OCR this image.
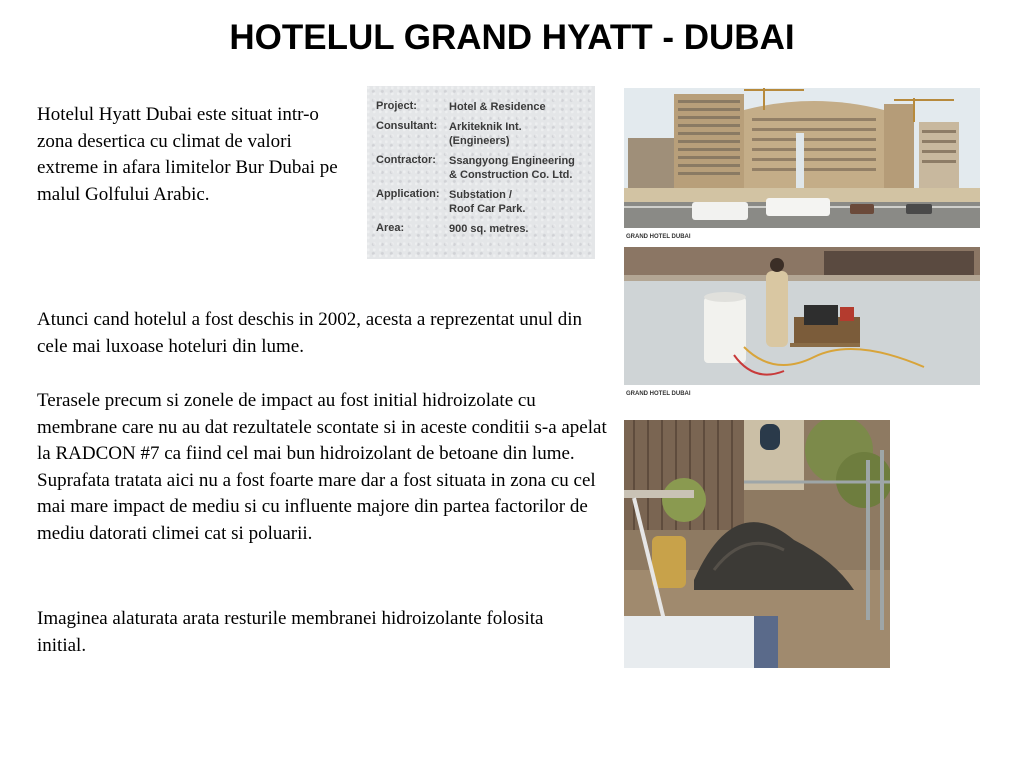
HOTELUL GRAND HYATT - DUBAI

Hotelul Hyatt Dubai este situat intr-o zona desertica cu climat de valori extreme in afara limitelor Bur Dubai pe malul Golfului Arabic.

Project:	Hotel & Residence
Consultant:	Arkiteknik Int.
(Engineers)
Contractor:	Ssangyong Engineering
& Construction Co. Ltd.
Application: Substation /
Roof Car Park.
Area:	900 sq. metres.
GRAND HOTEL DUBAI
GRAND HOTEL DUBAI

Atunci cand hotelul a fost deschis in 2002, acesta a reprezentat unul din cele mai luxoase hoteluri din lume.

Terasele precum si zonele de impact au fost initial hidroizolate cu membrane care nu au dat rezultatele scontate si in aceste conditii s-a apelat la RADCON #7 ca fiind cel mai bun hidroizolant de betoane din lume. Suprafata tratata aici nu a fost foarte mare dar a fost situata in zona cu cel mai mare impact de mediu si cu influente majore din partea factorilor de mediu datorati climei cat si poluarii.

Imaginea alaturata arata resturile membranei hidroizolante folosita initial.
